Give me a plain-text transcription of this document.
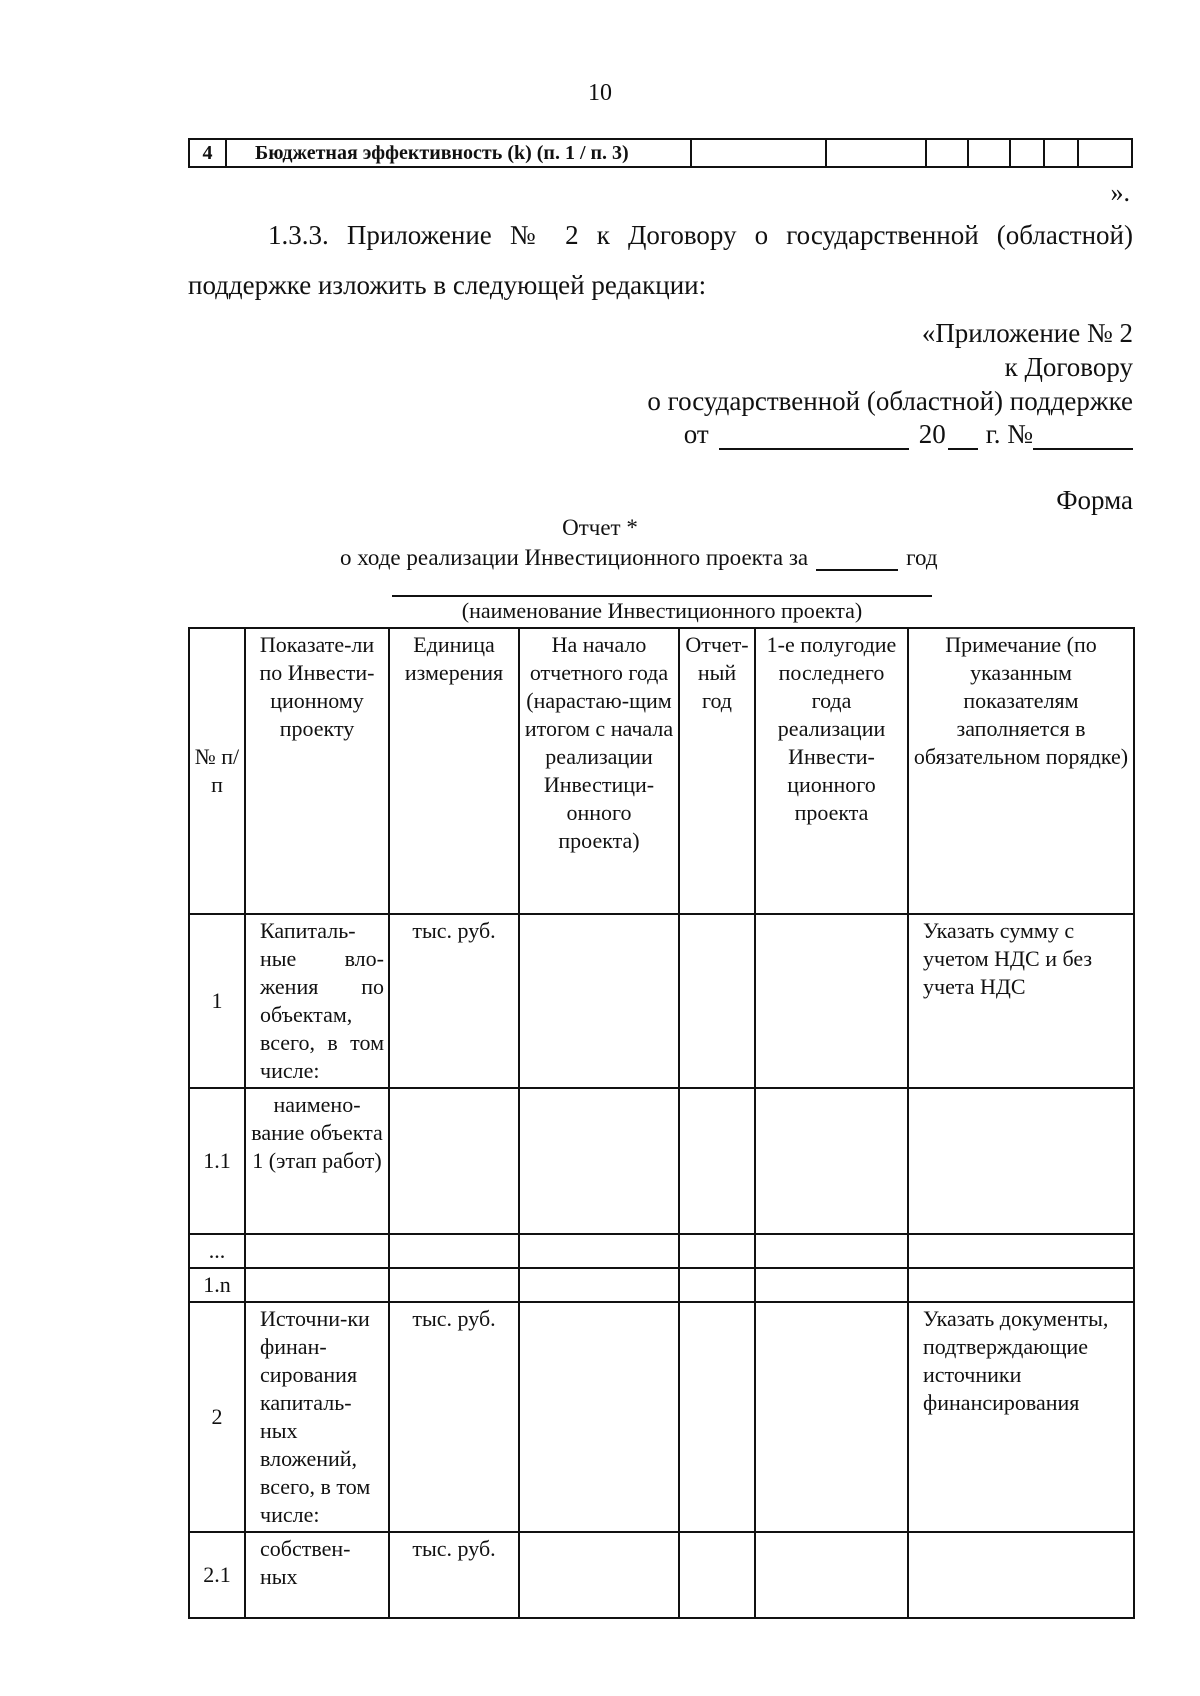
10
4	Бюджетная эффективность (k) (п. 1 / п. 3)
».
1.3.3. Приложение № 2 к Договору о государственной (областной)
поддержке изложить в следующей редакции:
«Приложение № 2
к Договору
о государственной (областной) поддержке
от	20 г. №
Форма
Отчет *
о ходе реализации Инвестиционного проекта за	год
(наименование Инвестиционного проекта)
№ п/п	Показате-ли по Инвести-ционному проекту	Единица измерения	На начало отчетного года (нарастаю-щим итогом с начала реализации Инвестици-онного проекта)	Отчет-ный год	1-е полугодие последнего года реализации Инвести-ционного проекта	Примечание (по указанным показателям заполняется в обязательном порядке)
1	Капиталь-ные вло-жения по объектам, всего, в том числе:	тыс. руб.				Указать сумму с учетом НДС и без учета НДС
1.1	наимено-вание объекта 1 (этап работ)					
...						
1.n						
2	Источни-ки финан-сирования капиталь-ных вложений, всего, в том числе:	тыс. руб.				Указать документы, подтверждающие источники финансирования
2.1	собствен-ных	тыс. руб.				
